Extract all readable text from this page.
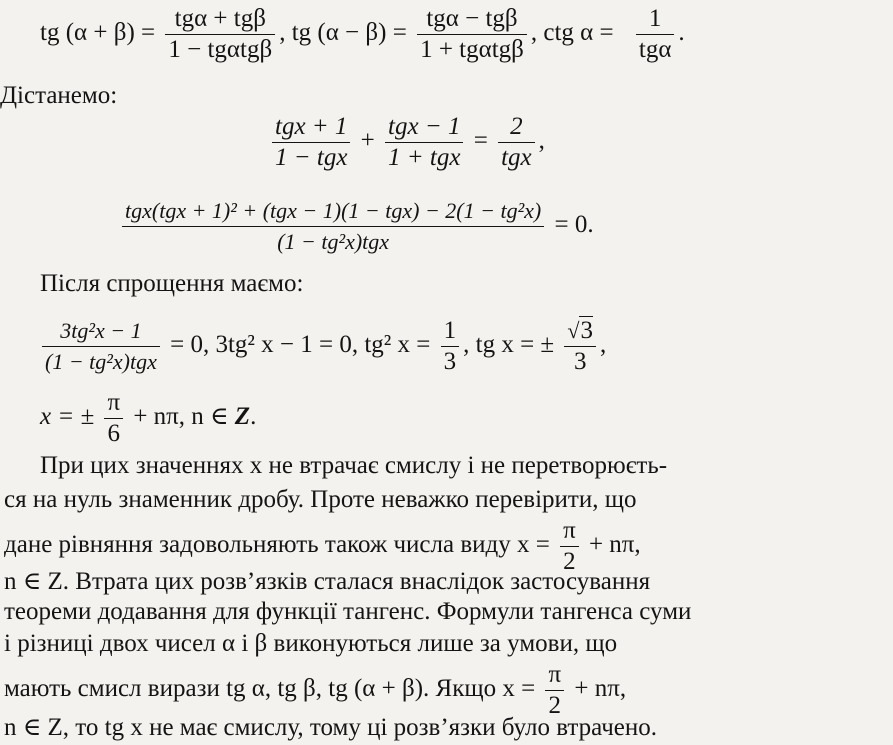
tg (α + β) =
tgα + tgβ
1 − tgαtgβ
, tg (α − β) =
tgα − tgβ
1 + tgαtgβ
, ctg α =
1
tgα
.
Дістанемо:
tgx + 1
1 − tgx
+
tgx − 1
1 + tgx
=
2
tgx
,
tgx(tgx + 1)² + (tgx − 1)(1 − tgx) − 2(1 − tg²x)
(1 − tg²x)tgx
= 0.
Після спрощення маємо:
3tg²x − 1
(1 − tg²x)tgx
= 0, 3tg² x − 1 = 0, tg² $x = \frac{1}{3}$ , tg x = ± $\frac{√3}{3}$ ,
x = ± $\frac{\pi}{6} + n\pi$, n ∈ Z.
При цих значеннях x не втрачає смислу і не перетворюєть-
ся на нуль знаменник дробу. Проте неважко перевірити, що
дане рівняння задовольняють також числа виду $x = \frac{\pi}{2} + n\pi$,
n ∈ Z. Втрата цих розв’язків сталася внаслідок застосування
теореми додавання для функції тангенс. Формули тангенса суми
і різниці двох чисел α і β виконуються лише за умови, що
мають смисл вирази tg α, tg β, tg (α + β). Якщо $x = \frac{\pi}{2} + n\pi$,
n ∈ Z, то tg x не має смислу, тому ці розв’язки було втрачено.
